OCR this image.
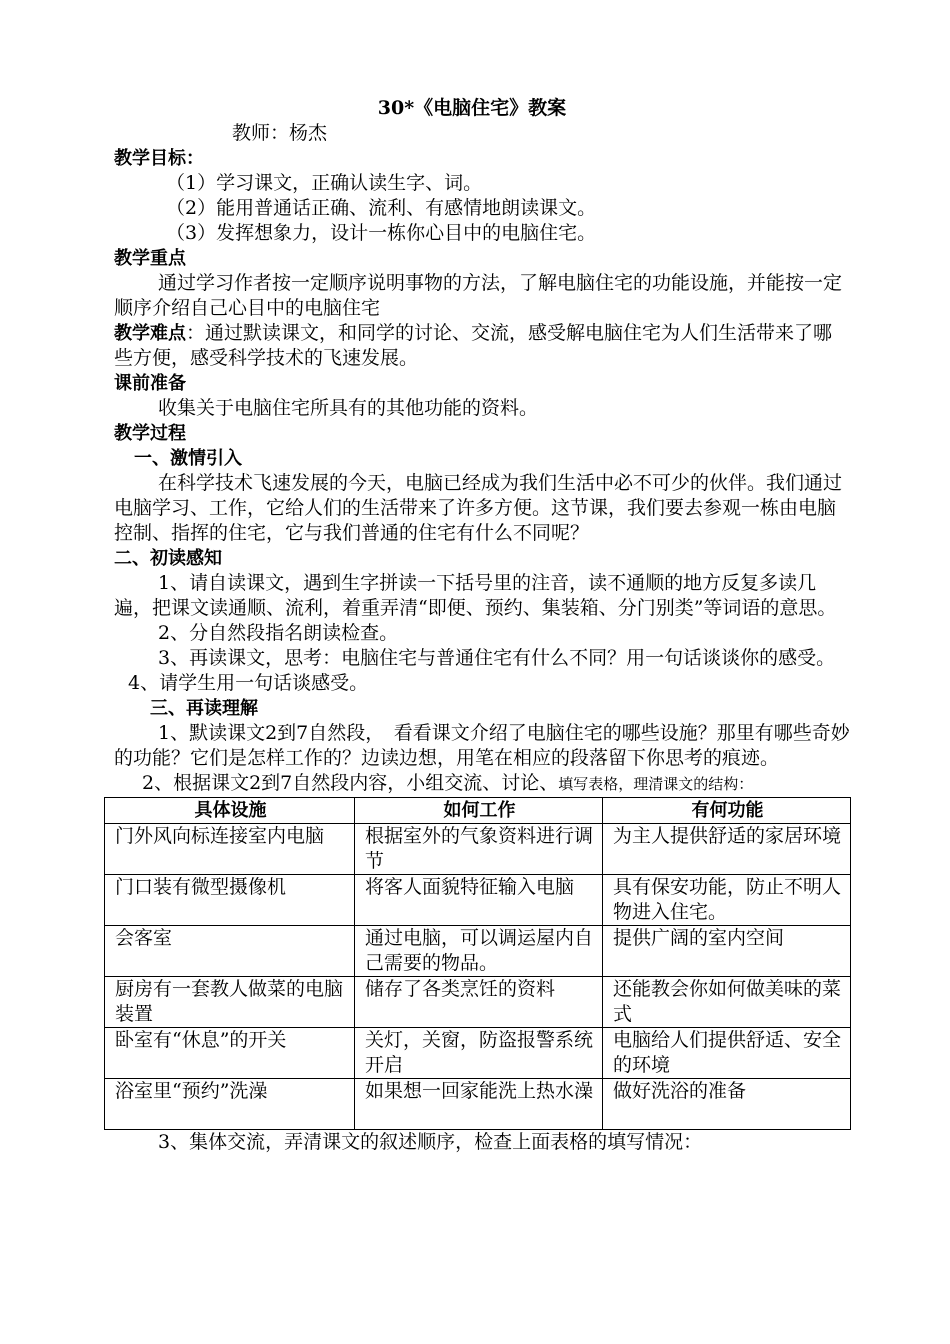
30*《电脑住宅》教案
教师：杨杰
教学目标：
（1）学习课文，正确认读生字、词。
（2）能用普通话正确、流利、有感情地朗读课文。
（3）发挥想象力，设计一栋你心目中的电脑住宅。
教学重点
通过学习作者按一定顺序说明事物的方法，了解电脑住宅的功能设施，并能按一定顺序介绍自己心目中的电脑住宅
教学难点：通过默读课文，和同学的讨论、交流，感受解电脑住宅为人们生活带来了哪些方便，感受科学技术的飞速发展。
课前准备
收集关于电脑住宅所具有的其他功能的资料。
教学过程
一、激情引入
在科学技术飞速发展的今天，电脑已经成为我们生活中必不可少的伙伴。我们通过电脑学习、工作，它给人们的生活带来了许多方便。这节课，我们要去参观一栋由电脑控制、指挥的住宅，它与我们普通的住宅有什么不同呢？
二、初读感知
1、请自读课文，遇到生字拼读一下括号里的注音，读不通顺的地方反复多读几遍，把课文读通顺、流利，着重弄清“即便、预约、集装箱、分门别类”等词语的意思。
2、分自然段指名朗读检查。
3、再读课文，思考：电脑住宅与普通住宅有什么不同？用一句话谈谈你的感受。
4、请学生用一句话谈感受。
三、再读理解
1、默读课文2到7自然段，　看看课文介绍了电脑住宅的哪些设施？那里有哪些奇妙的功能？它们是怎样工作的？边读边想，用笔在相应的段落留下你思考的痕迹。
2、根据课文2到7自然段内容，小组交流、讨论、填写表格，理清课文的结构：
具体设施	如何工作	有何功能
门外风向标连接室内电脑	根据室外的气象资料进行调节	为主人提供舒适的家居环境
门口装有微型摄像机	将客人面貌特征输入电脑	具有保安功能，防止不明人物进入住宅。
会客室	通过电脑，可以调运屋内自己需要的物品。	提供广阔的室内空间
厨房有一套教人做菜的电脑装置	储存了各类烹饪的资料	还能教会你如何做美味的菜式
卧室有“休息”的开关	关灯，关窗，防盗报警系统开启	电脑给人们提供舒适、安全的环境
浴室里“预约”洗澡	如果想一回家能洗上热水澡	做好洗浴的准备
3、集体交流，弄清课文的叙述顺序，检查上面表格的填写情况：
